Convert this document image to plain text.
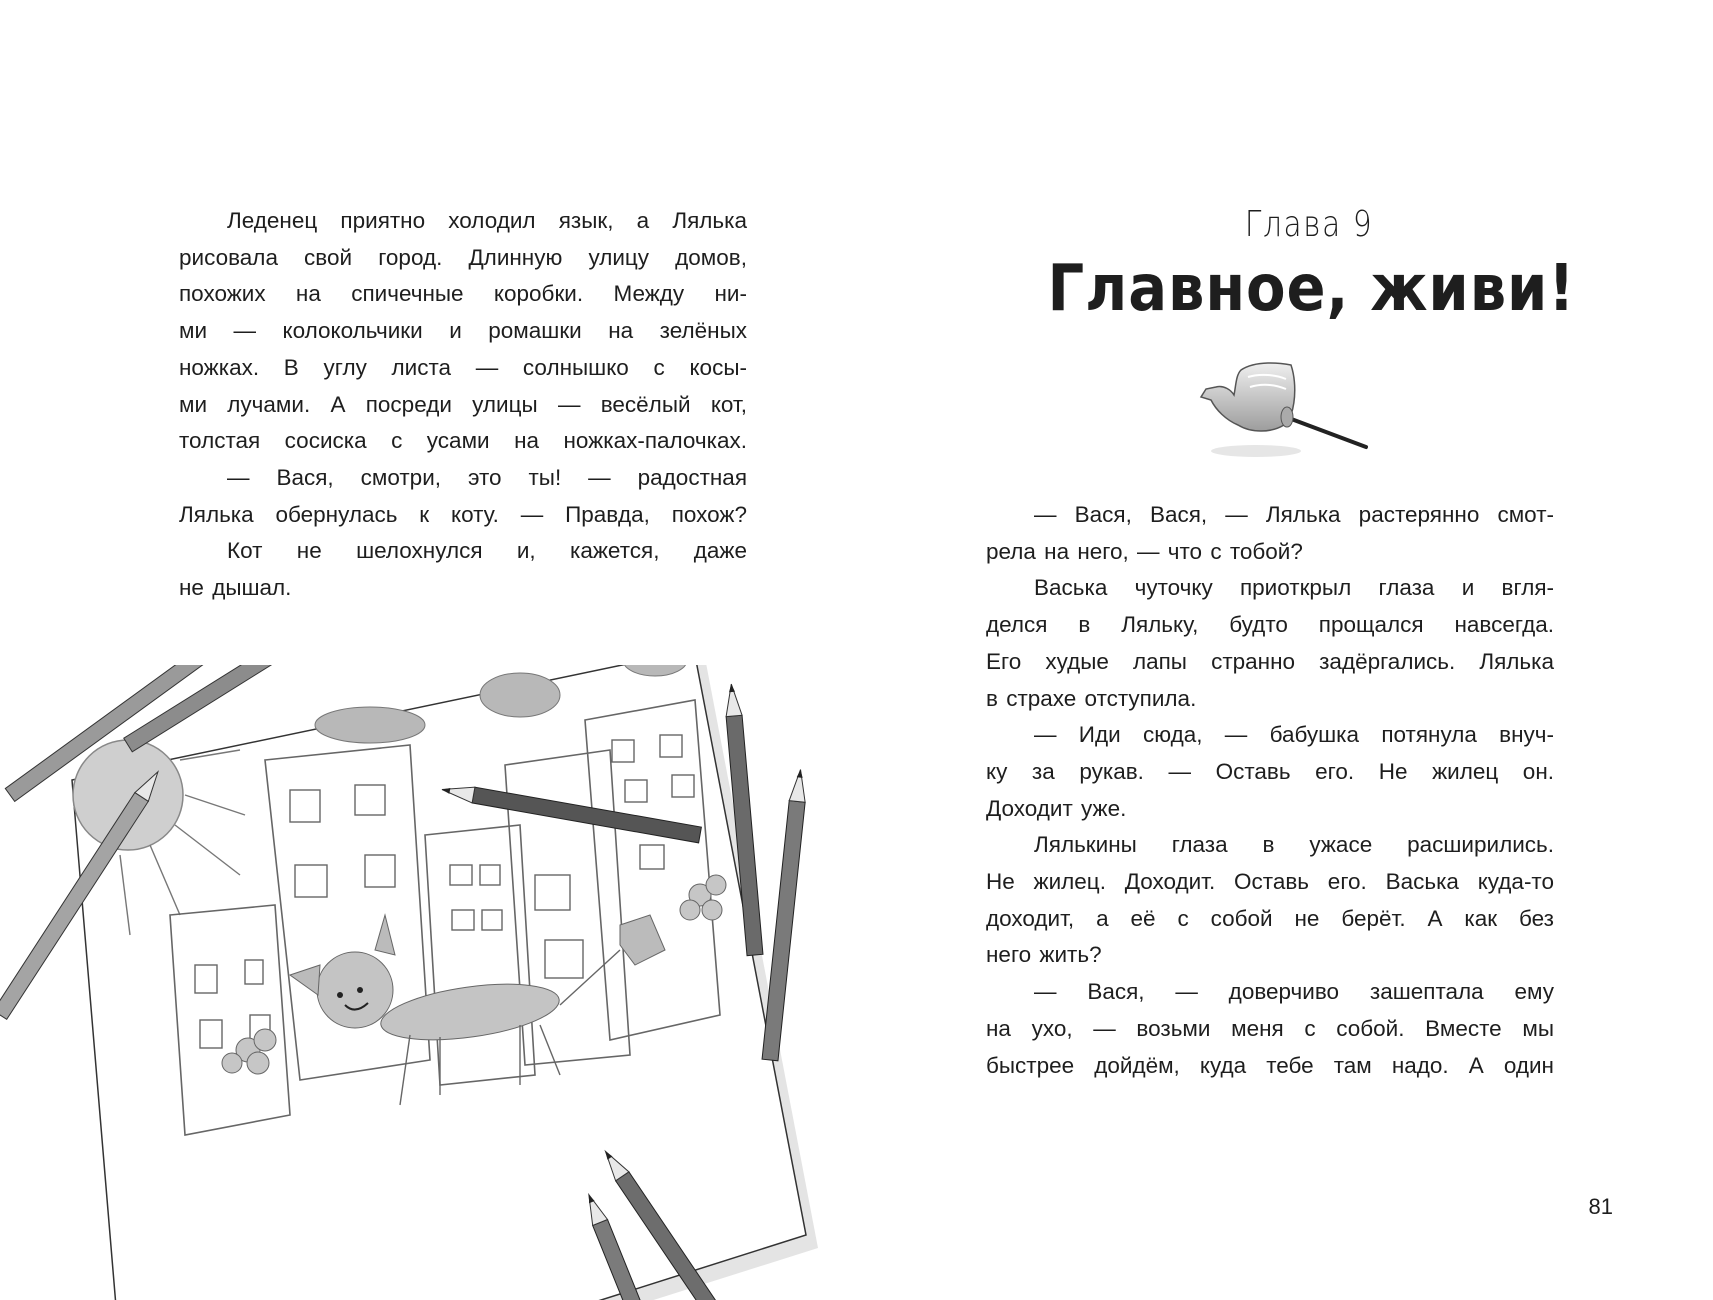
Леденец приятно холодил язык, а Лялька
рисовала свой город. Длинную улицу домов,
похожих на спичечные коробки. Между ни-
ми — колокольчики и ромашки на зелёных
ножках. В углу листа — солнышко с косы-
ми лучами. А посреди улицы — весёлый кот,
толстая сосиска с усами на ножках-палочках.
— Вася, смотри, это ты! — радостная
Лялька обернулась к коту. — Правда, похож?
Кот не шелохнулся и, кажется, даже
не дышал.
Глава 9
Главное, живи!
— Вася, Вася, — Лялька растерянно смот-
рела на него, — что с тобой?
Васька чуточку приоткрыл глаза и вгля-
делся в Ляльку, будто прощался навсегда.
Его худые лапы странно задёргались. Лялька
в страхе отступила.
— Иди сюда, — бабушка потянула внуч-
ку за рукав. — Оставь его. Не жилец он.
Доходит уже.
Лялькины глаза в ужасе расширились.
Не жилец. Доходит. Оставь его. Васька куда-то
доходит, а её с собой не берёт. А как без
него жить?
— Вася, — доверчиво зашептала ему
на ухо, — возьми меня с собой. Вместе мы
быстрее дойдём, куда тебе там надо. А один
81
